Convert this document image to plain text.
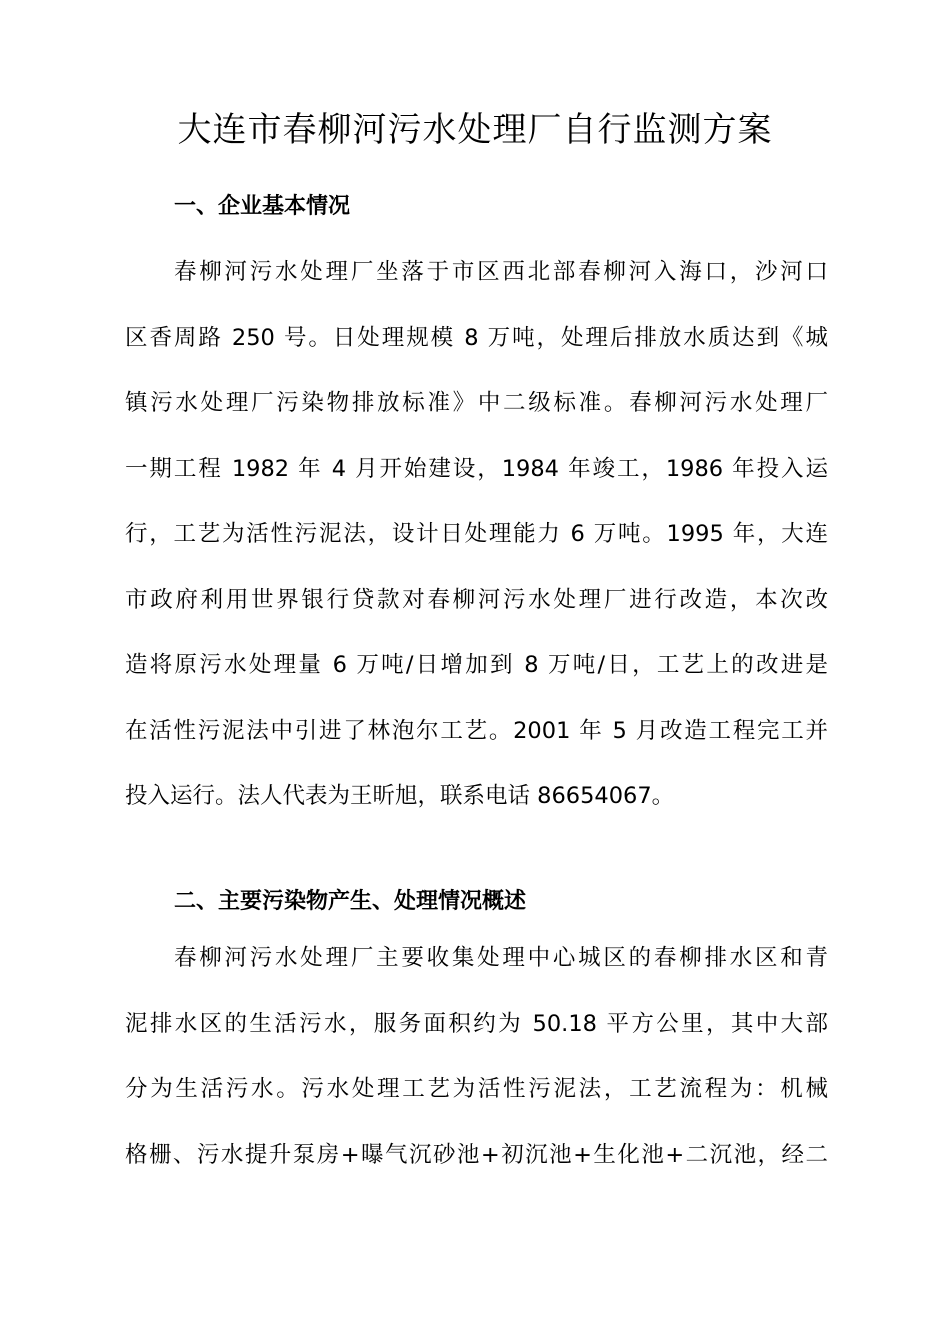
大连市春柳河污水处理厂自行监测方案
一、企业基本情况
春柳河污水处理厂坐落于市区西北部春柳河入海口，沙河口
区香周路 250 号。日处理规模 8 万吨，处理后排放水质达到《城
镇污水处理厂污染物排放标准》中二级标准。春柳河污水处理厂
一期工程 1982 年 4 月开始建设，1984 年竣工，1986 年投入运
行，工艺为活性污泥法，设计日处理能力 6 万吨。1995 年，大连
市政府利用世界银行贷款对春柳河污水处理厂进行改造，本次改
造将原污水处理量 6 万吨/日增加到 8 万吨/日，工艺上的改进是
在活性污泥法中引进了林泡尔工艺。2001 年 5 月改造工程完工并
投入运行。法人代表为王昕旭，联系电话 86654067。
二、主要污染物产生、处理情况概述
春柳河污水处理厂主要收集处理中心城区的春柳排水区和青
泥排水区的生活污水，服务面积约为 50.18 平方公里，其中大部
分为生活污水。污水处理工艺为活性污泥法，工艺流程为：机械
格栅、污水提升泵房+曝气沉砂池+初沉池+生化池+二沉池，经二
